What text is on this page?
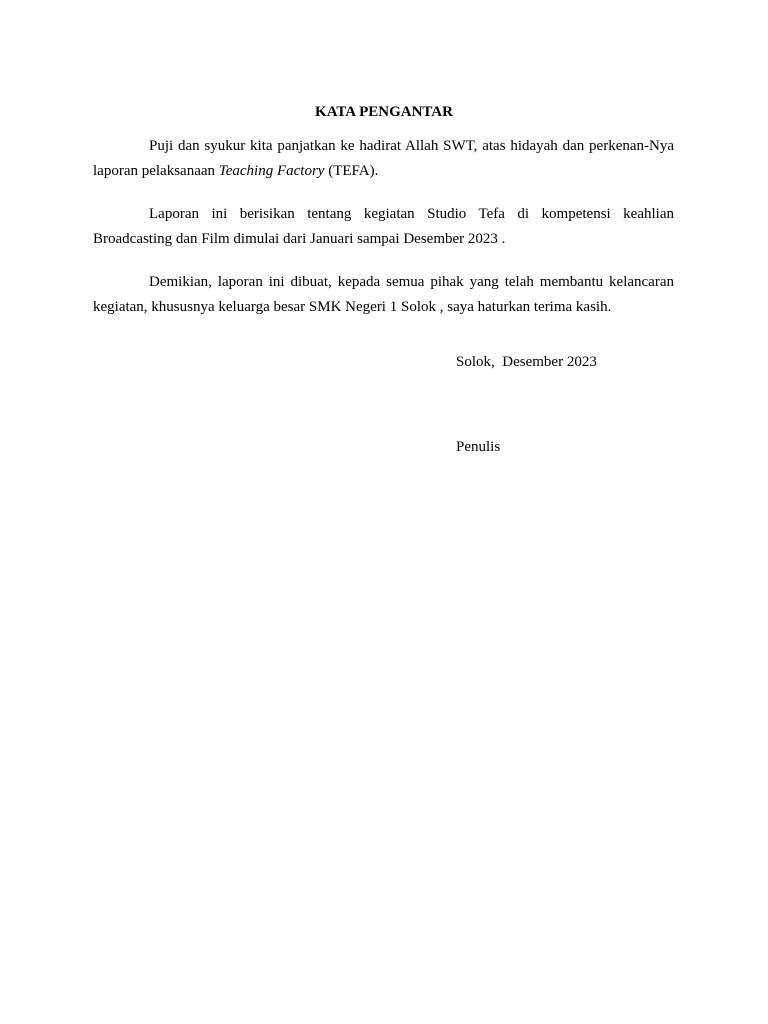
KATA PENGANTAR

Puji dan syukur kita panjatkan ke hadirat Allah SWT, atas hidayah dan perkenan-Nya laporan pelaksanaan Teaching Factory (TEFA).

Laporan ini berisikan tentang kegiatan Studio Tefa di kompetensi keahlian Broadcasting dan Film dimulai dari Januari sampai Desember 2023 .

Demikian, laporan ini dibuat, kepada semua pihak yang telah membantu kelancaran kegiatan, khususnya keluarga besar SMK Negeri 1 Solok , saya haturkan terima kasih.

Solok,  Desember 2023

Penulis
